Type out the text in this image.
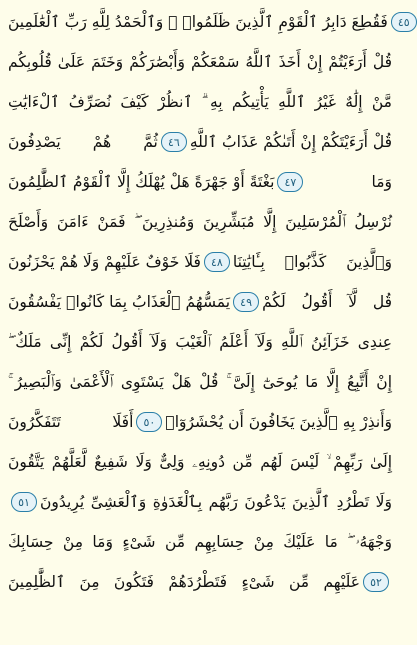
فَقُطِعَ دَابِرُ ٱلْقَوْمِ ٱلَّذِينَ ظَلَمُوا۟ ۚ وَٱلْحَمْدُ لِلَّهِ رَبِّ ٱلْعَٰلَمِينَ ٤٥
قُلْ أَرَءَيْتُمْ إِنْ أَخَذَ ٱللَّهُ سَمْعَكُمْ وَأَبْصَٰرَكُمْ وَخَتَمَ عَلَىٰ قُلُوبِكُم
مَّنْ إِلَٰهٌ غَيْرُ ٱللَّهِ يَأْتِيكُم بِهِ ۗ ٱنظُرْ كَيْفَ نُصَرِّفُ ٱلْءَايَٰتِ
ثُمَّ هُمْ يَصْدِفُونَ ٤٦ قُلْ أَرَءَيْتَكُمْ إِنْ أَتَىٰكُمْ عَذَابُ ٱللَّهِ
بَغْتَةً أَوْ جَهْرَةً هَلْ يُهْلَكُ إِلَّا ٱلْقَوْمُ ٱلظَّٰلِمُونَ ٤٧	وَمَا
نُرْسِلُ ٱلْمُرْسَلِينَ إِلَّا مُبَشِّرِينَ وَمُنذِرِينَ ۖ فَمَنْ ءَامَنَ وَأَصْلَحَ
فَلَا خَوْفٌ عَلَيْهِمْ وَلَا هُمْ يَحْزَنُونَ ٤٨ وَٱلَّذِينَ كَذَّبُوا۟ بِـَٔايَٰتِنَا
يَمَسُّهُمُ ٱلْعَذَابُ بِمَا كَانُوا۟ يَفْسُقُونَ ٤٩ قُل لَّآ أَقُولُ لَكُمْ
عِندِى خَزَآئِنُ ٱللَّهِ وَلَآ أَعْلَمُ ٱلْغَيْبَ وَلَآ أَقُولُ لَكُمْ إِنِّى مَلَكٌ ۖ
إِنْ أَتَّبِعُ إِلَّا مَا يُوحَىٰٓ إِلَىَّ ۚ قُلْ هَلْ يَسْتَوِى ٱلْأَعْمَىٰ وَٱلْبَصِيرُ ۚ
أَفَلَا تَتَفَكَّرُونَ ٥٠ وَأَنذِرْ بِهِ ٱلَّذِينَ يَخَافُونَ أَن يُحْشَرُوٓا۟
إِلَىٰ رَبِّهِمْ ۙ لَيْسَ لَهُم مِّن دُونِهِۦ وَلِىٌّ وَلَا شَفِيعٌ لَّعَلَّهُمْ يَتَّقُونَ
٥١ وَلَا تَطْرُدِ ٱلَّذِينَ يَدْعُونَ رَبَّهُم بِٱلْغَدَوٰةِ وَٱلْعَشِىِّ يُرِيدُونَ
وَجْهَهُۥ ۖ مَا عَلَيْكَ مِنْ حِسَابِهِم مِّن شَىْءٍ وَمَا مِنْ حِسَابِكَ
عَلَيْهِم مِّن شَىْءٍ فَتَطْرُدَهُمْ فَتَكُونَ مِنَ ٱلظَّٰلِمِينَ ٥٢
